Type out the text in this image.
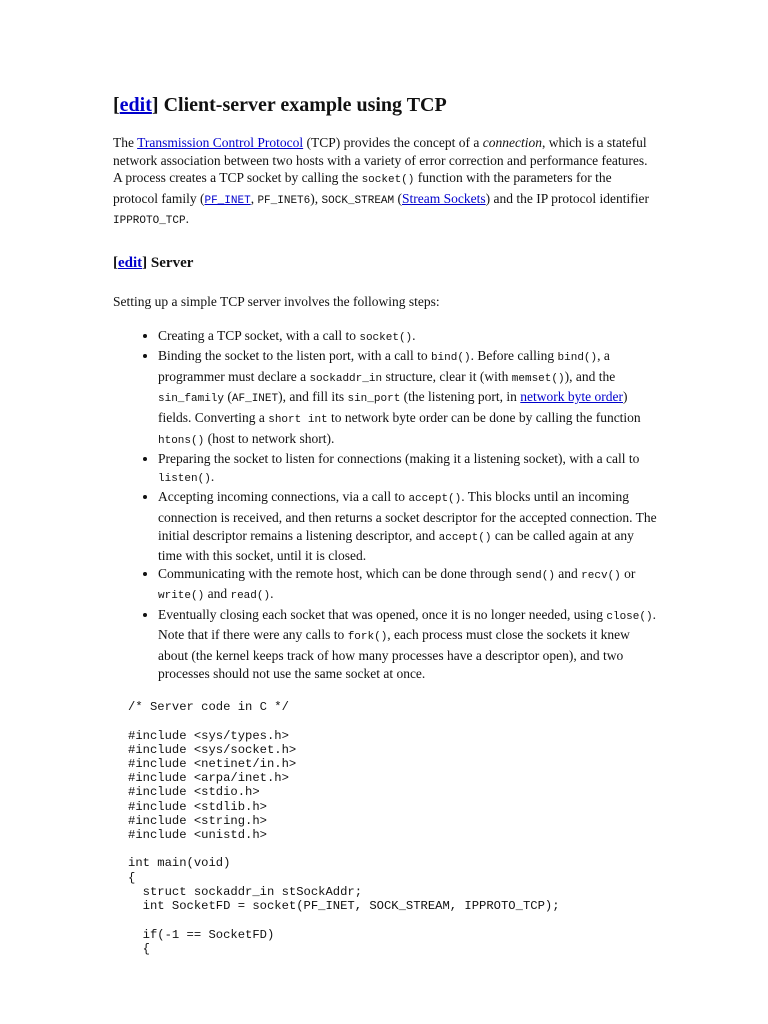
[edit] Client-server example using TCP

The Transmission Control Protocol (TCP) provides the concept of a connection, which is a stateful network association between two hosts with a variety of error correction and performance features. A process creates a TCP socket by calling the socket() function with the parameters for the protocol family (PF_INET, PF_INET6), SOCK_STREAM (Stream Sockets) and the IP protocol identifier IPPROTO_TCP.

[edit] Server

Setting up a simple TCP server involves the following steps:

• Creating a TCP socket, with a call to socket().
• Binding the socket to the listen port, with a call to bind(). Before calling bind(), a programmer must declare a sockaddr_in structure, clear it (with memset()), and the sin_family (AF_INET), and fill its sin_port (the listening port, in network byte order) fields. Converting a short int to network byte order can be done by calling the function htons() (host to network short).
• Preparing the socket to listen for connections (making it a listening socket), with a call to listen().
• Accepting incoming connections, via a call to accept(). This blocks until an incoming connection is received, and then returns a socket descriptor for the accepted connection. The initial descriptor remains a listening descriptor, and accept() can be called again at any time with this socket, until it is closed.
• Communicating with the remote host, which can be done through send() and recv() or write() and read().
• Eventually closing each socket that was opened, once it is no longer needed, using close(). Note that if there were any calls to fork(), each process must close the sockets it knew about (the kernel keeps track of how many processes have a descriptor open), and two processes should not use the same socket at once.
/* Server code in C */

#include <sys/types.h>
#include <sys/socket.h>
#include <netinet/in.h>
#include <arpa/inet.h>
#include <stdio.h>
#include <stdlib.h>
#include <string.h>
#include <unistd.h>

int main(void)
{
struct sockaddr_in stSockAddr;
int SocketFD = socket(PF_INET, SOCK_STREAM, IPPROTO_TCP);

if(-1 == SocketFD)
{
